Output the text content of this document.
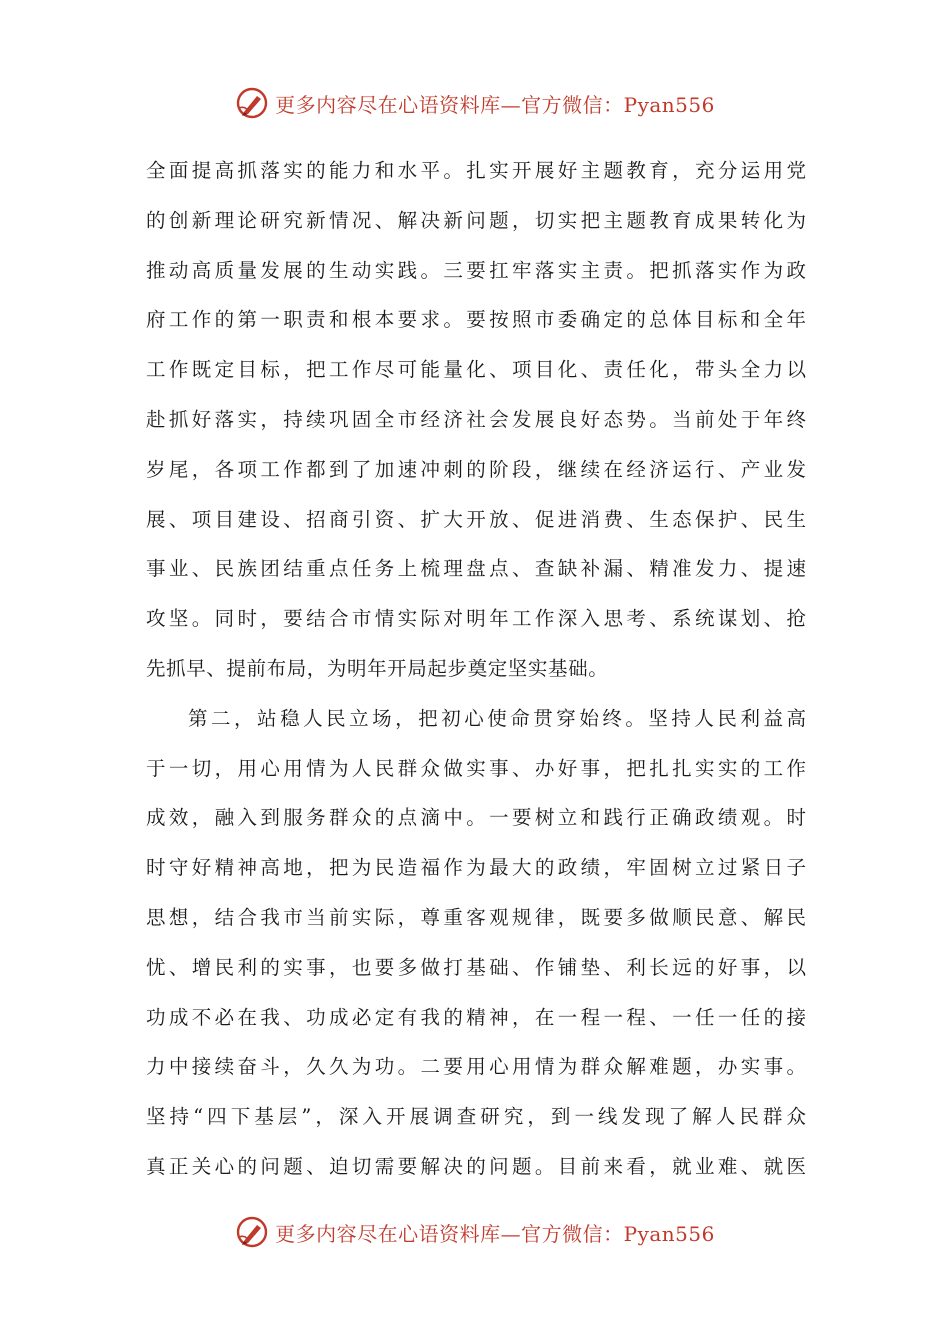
更多内容尽在心语资料库—官方微信：Pyan556
全面提高抓落实的能力和水平。扎实开展好主题教育，充分运用党
的创新理论研究新情况、解决新问题，切实把主题教育成果转化为
推动高质量发展的生动实践。三要扛牢落实主责。把抓落实作为政
府工作的第一职责和根本要求。要按照市委确定的总体目标和全年
工作既定目标，把工作尽可能量化、项目化、责任化，带头全力以
赴抓好落实，持续巩固全市经济社会发展良好态势。当前处于年终
岁尾，各项工作都到了加速冲刺的阶段，继续在经济运行、产业发
展、项目建设、招商引资、扩大开放、促进消费、生态保护、民生
事业、民族团结重点任务上梳理盘点、查缺补漏、精准发力、提速
攻坚。同时，要结合市情实际对明年工作深入思考、系统谋划、抢
先抓早、提前布局，为明年开局起步奠定坚实基础。
第二，站稳人民立场，把初心使命贯穿始终。坚持人民利益高
于一切，用心用情为人民群众做实事、办好事，把扎扎实实的工作
成效，融入到服务群众的点滴中。一要树立和践行正确政绩观。时
时守好精神高地，把为民造福作为最大的政绩，牢固树立过紧日子
思想，结合我市当前实际，尊重客观规律，既要多做顺民意、解民
忧、增民利的实事，也要多做打基础、作铺垫、利长远的好事，以
功成不必在我、功成必定有我的精神，在一程一程、一任一任的接
力中接续奋斗，久久为功。二要用心用情为群众解难题，办实事。
坚持“四下基层”，深入开展调查研究，到一线发现了解人民群众
真正关心的问题、迫切需要解决的问题。目前来看，就业难、就医
更多内容尽在心语资料库—官方微信：Pyan556
